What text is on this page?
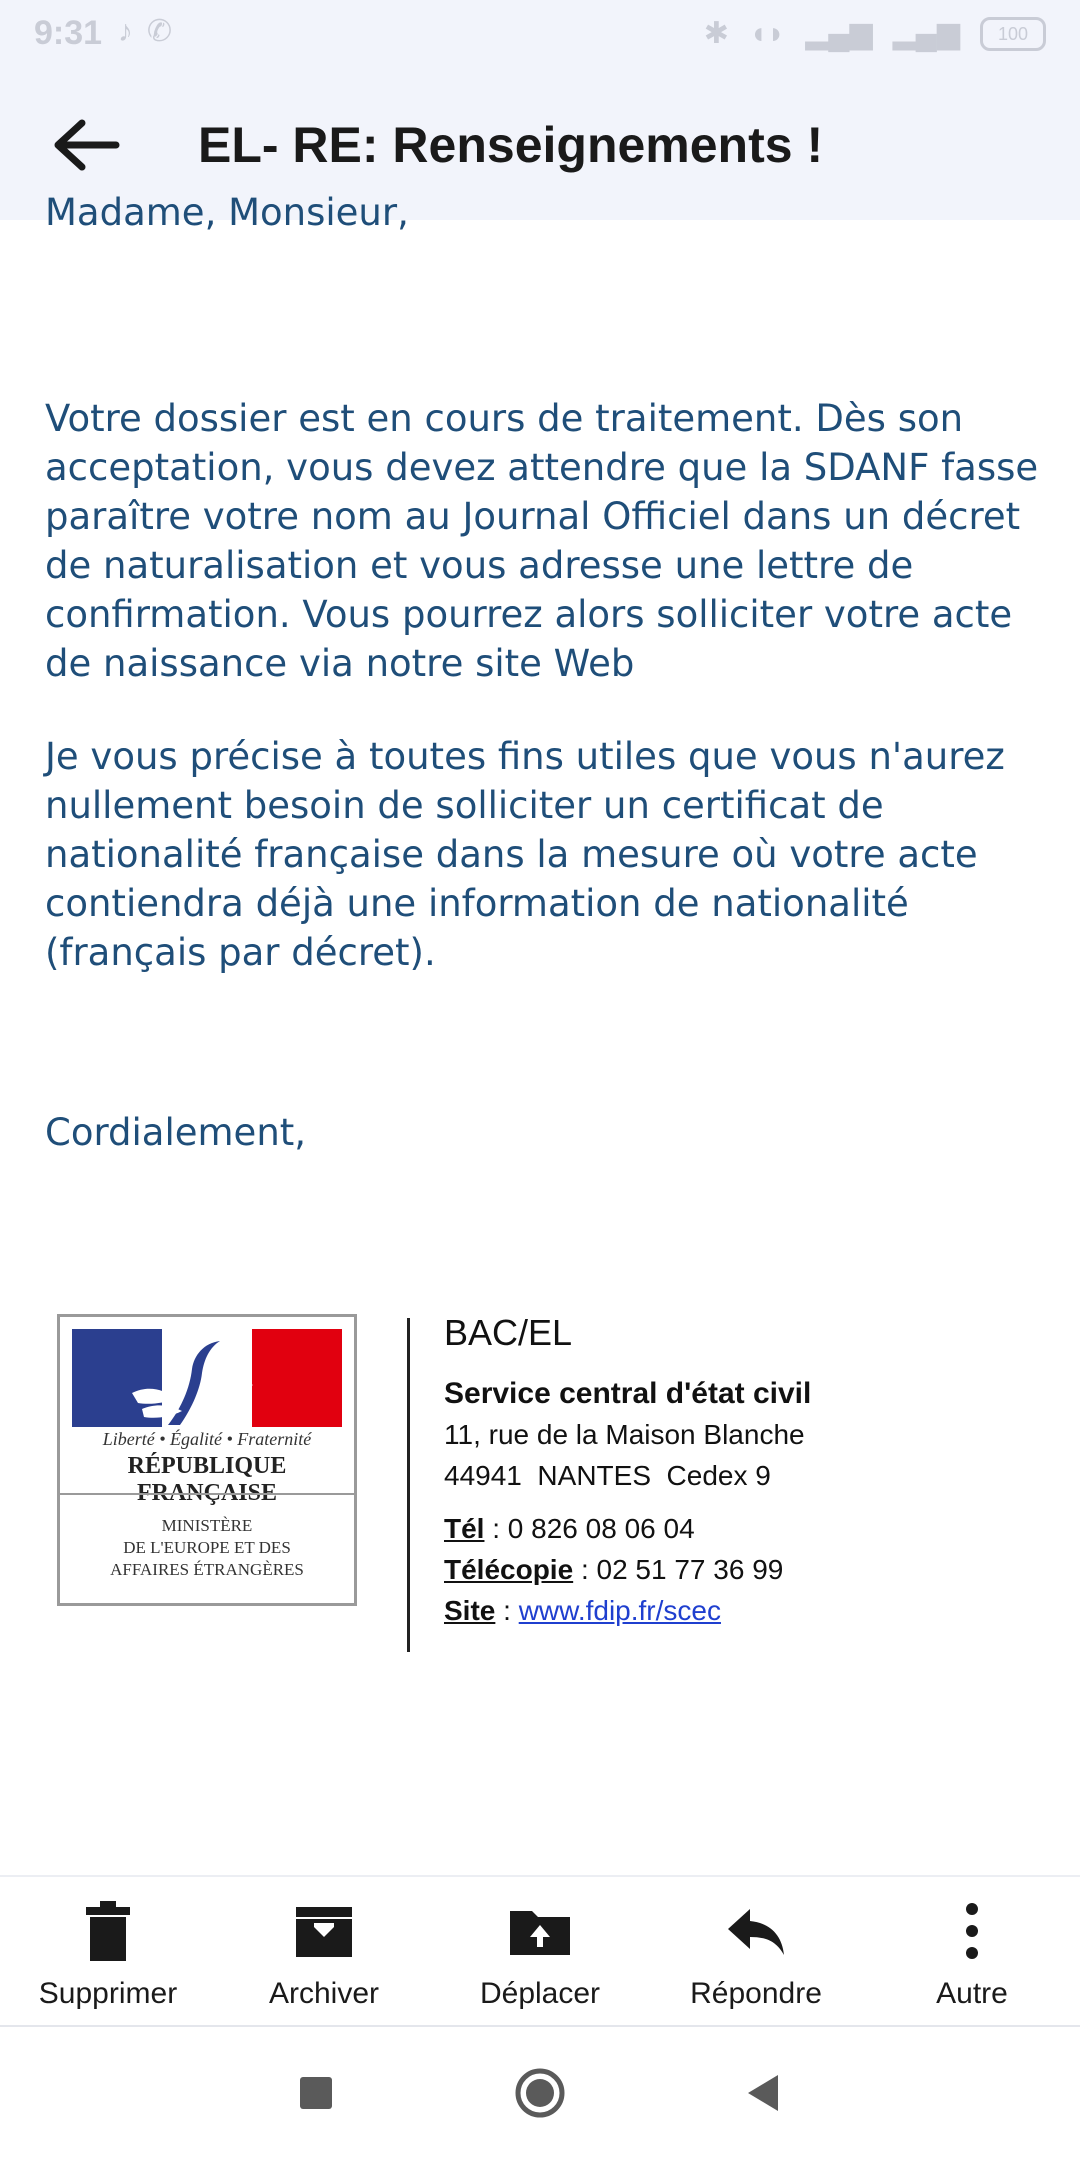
9:31 ♪ ✆	✱ ◖◗ ▂▄▆ ▂▄▆	100
EL- RE: Renseignements !
Madame, Monsieur,
Votre dossier est en cours de traitement. Dès son acceptation, vous devez attendre que la SDANF fasse paraître votre nom au Journal Officiel dans un décret de naturalisation et vous adresse une lettre de confirmation. Vous pourrez alors solliciter votre acte de naissance via notre site Web
Je vous précise à toutes fins utiles que vous n'aurez nullement besoin de solliciter un certificat de nationalité française dans la mesure où votre acte contiendra déjà une information de nationalité (français par décret).
Cordialement,
Liberté • Égalité • Fraternité
RÉPUBLIQUE FRANÇAISE
MINISTÈRE
DE L'EUROPE ET DES
AFFAIRES ÉTRANGÈRES
BAC/EL
Service central d'état civil
11, rue de la Maison Blanche
44941  NANTES  Cedex 9
Tél : 0 826 08 06 04
Télécopie : 02 51 77 36 99
Site : www.fdip.fr/scec
Supprimer	Archiver	Déplacer	Répondre	Autre
